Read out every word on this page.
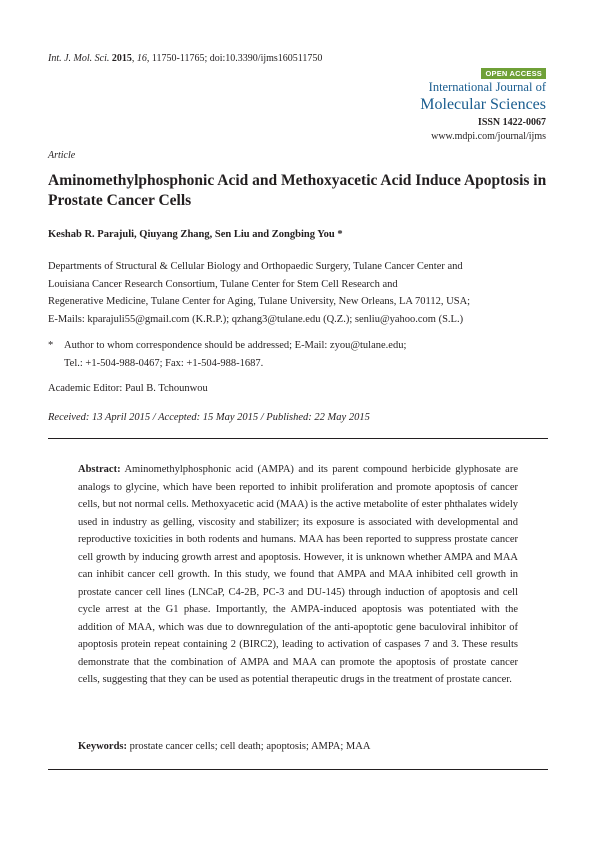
Int. J. Mol. Sci. 2015, 16, 11750-11765; doi:10.3390/ijms160511750
OPEN ACCESS
International Journal of
Molecular Sciences
ISSN 1422-0067
www.mdpi.com/journal/ijms
Article
Aminomethylphosphonic Acid and Methoxyacetic Acid Induce Apoptosis in Prostate Cancer Cells
Keshab R. Parajuli, Qiuyang Zhang, Sen Liu and Zongbing You *
Departments of Structural & Cellular Biology and Orthopaedic Surgery, Tulane Cancer Center and
Louisiana Cancer Research Consortium, Tulane Center for Stem Cell Research and
Regenerative Medicine, Tulane Center for Aging, Tulane University, New Orleans, LA 70112, USA;
E-Mails: kparajuli55@gmail.com (K.R.P.); qzhang3@tulane.edu (Q.Z.); senliu@yahoo.com (S.L.)
* Author to whom correspondence should be addressed; E-Mail: zyou@tulane.edu;
Tel.: +1-504-988-0467; Fax: +1-504-988-1687.
Academic Editor: Paul B. Tchounwou
Received: 13 April 2015 / Accepted: 15 May 2015 / Published: 22 May 2015
Abstract: Aminomethylphosphonic acid (AMPA) and its parent compound herbicide glyphosate are analogs to glycine, which have been reported to inhibit proliferation and promote apoptosis of cancer cells, but not normal cells. Methoxyacetic acid (MAA) is the active metabolite of ester phthalates widely used in industry as gelling, viscosity and stabilizer; its exposure is associated with developmental and reproductive toxicities in both rodents and humans. MAA has been reported to suppress prostate cancer cell growth by inducing growth arrest and apoptosis. However, it is unknown whether AMPA and MAA can inhibit cancer cell growth. In this study, we found that AMPA and MAA inhibited cell growth in prostate cancer cell lines (LNCaP, C4-2B, PC-3 and DU-145) through induction of apoptosis and cell cycle arrest at the G1 phase. Importantly, the AMPA-induced apoptosis was potentiated with the addition of MAA, which was due to downregulation of the anti-apoptotic gene baculoviral inhibitor of apoptosis protein repeat containing 2 (BIRC2), leading to activation of caspases 7 and 3. These results demonstrate that the combination of AMPA and MAA can promote the apoptosis of prostate cancer cells, suggesting that they can be used as potential therapeutic drugs in the treatment of prostate cancer.
Keywords: prostate cancer cells; cell death; apoptosis; AMPA; MAA
